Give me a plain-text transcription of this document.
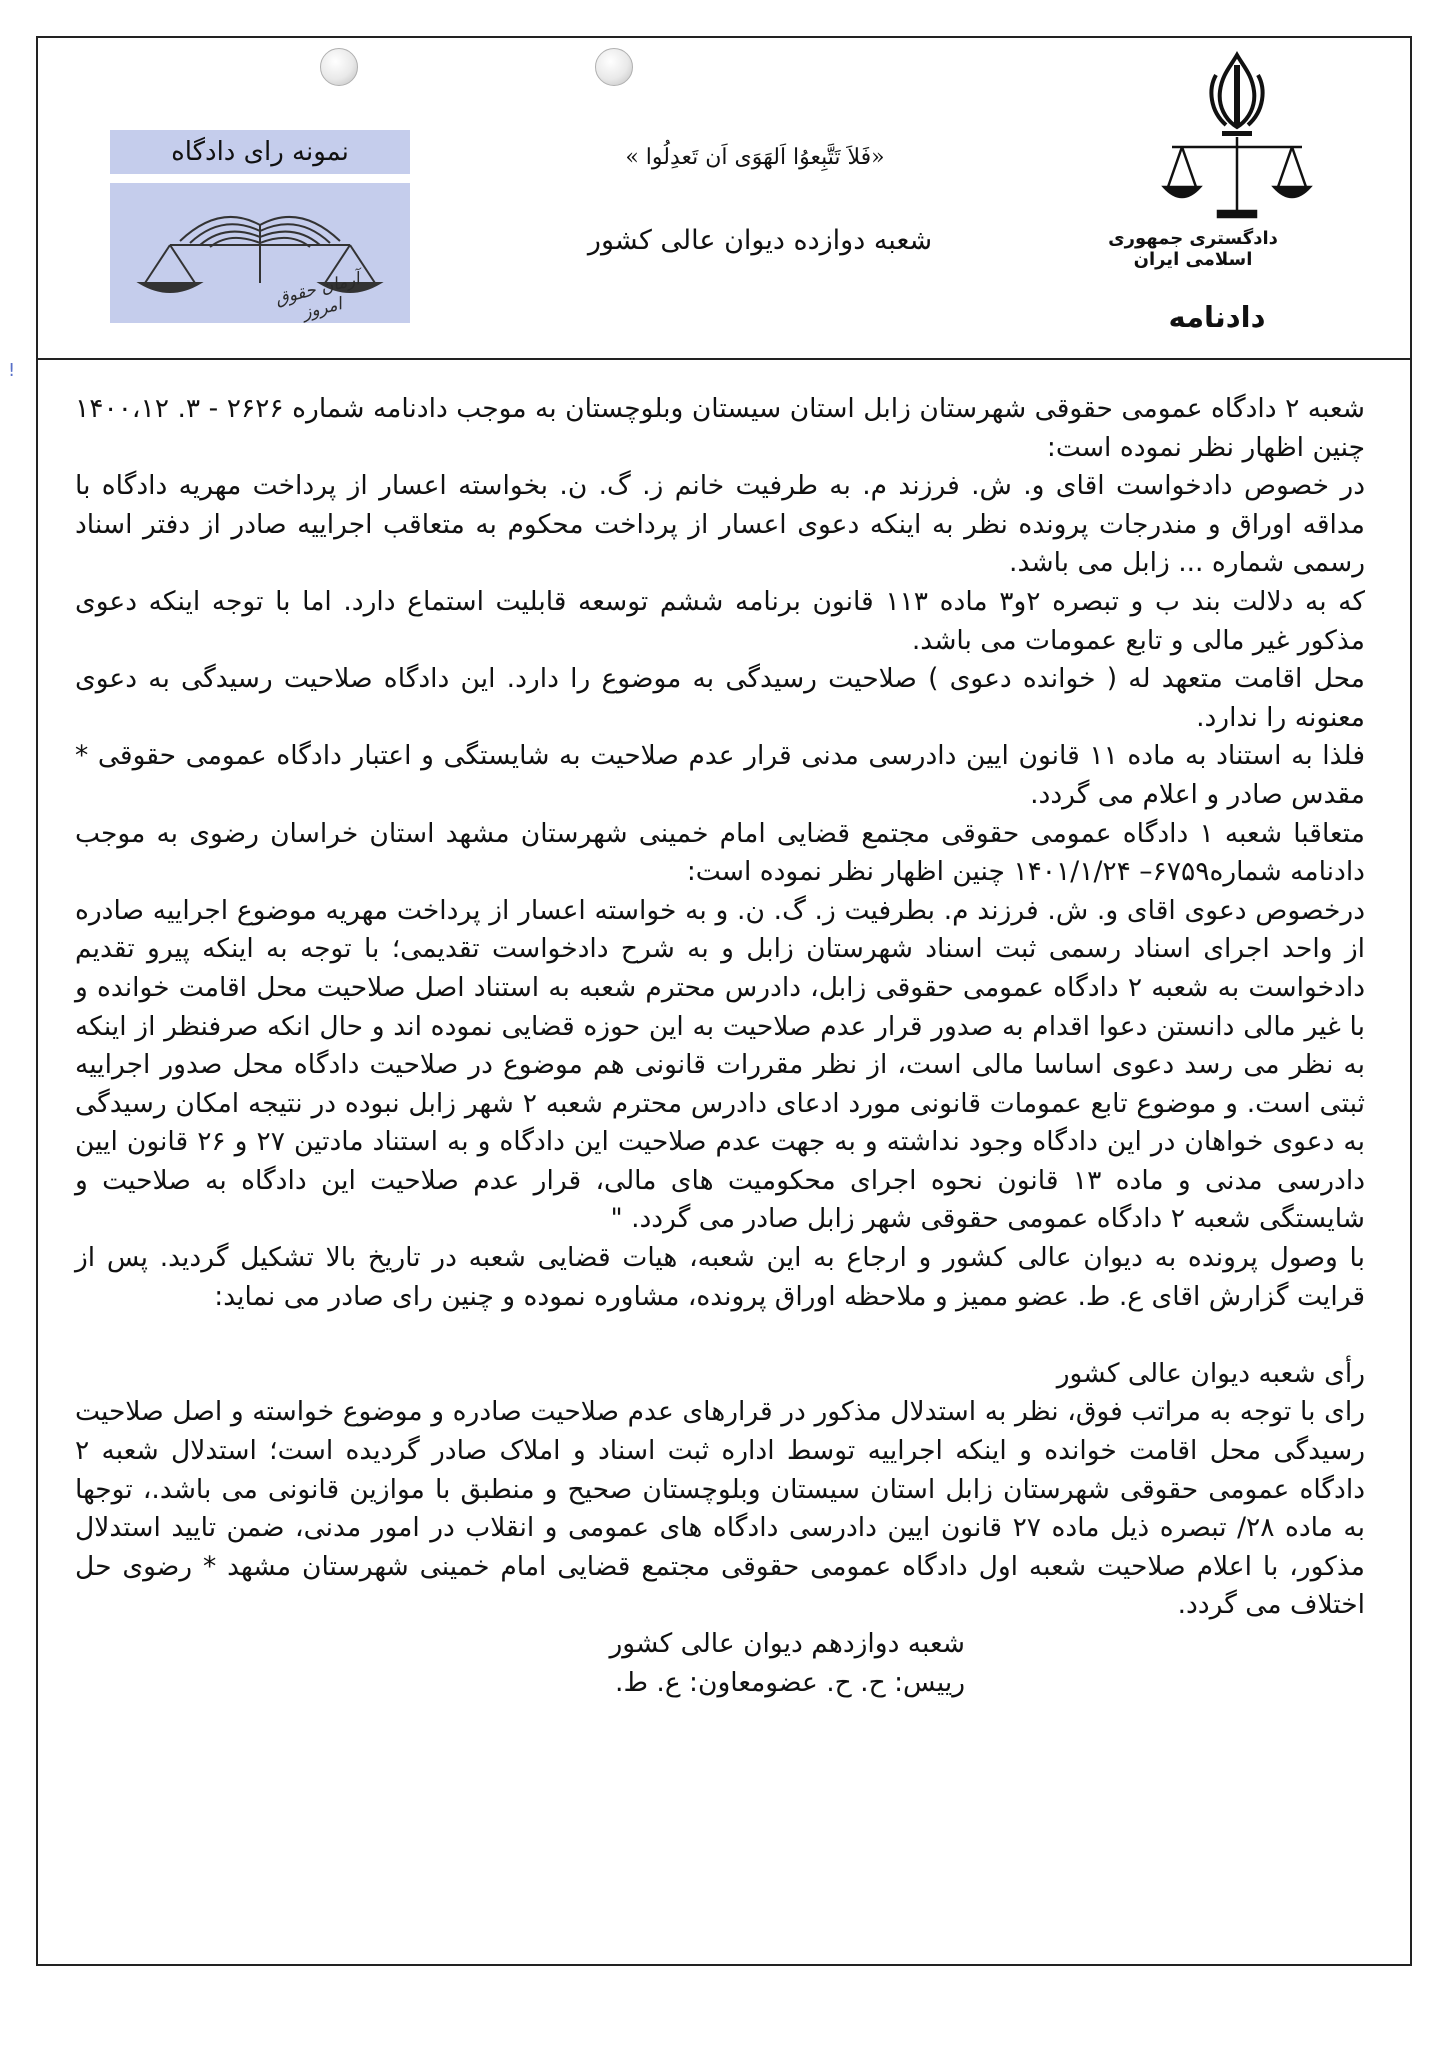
!
دادگستری جمهوری اسلامی ایران
دادنامه
«فَلاَ تَتَّبِعوُا اَلهَوَی اَن تَعدِلُوا »
شعبه دوازده دیوان عالی کشور
نمونه رای دادگاه
آرمان حقوق امروز

شعبه ۲ دادگاه عمومی حقوقی شهرستان زابل استان سیستان وبلوچستان به موجب دادنامه شماره ۲۶۲۶ - ۳. ۱۴۰۰،۱۲ چنین اظهار نظر نموده است:

در خصوص دادخواست اقای و. ش. فرزند م. به طرفیت خانم ز. گ. ن. بخواسته اعسار از پرداخت مهریه دادگاه با مداقه اوراق و مندرجات پرونده نظر به اینکه دعوی اعسار از پرداخت محکوم به متعاقب اجراییه صادر از دفتر اسناد رسمی شماره ... زابل می باشد.

که به دلالت بند ب و تبصره ۲و۳ ماده ۱۱۳ قانون برنامه ششم توسعه قابلیت استماع دارد. اما با توجه اینکه دعوی مذکور غیر مالی و تابع عمومات می باشد.

محل اقامت متعهد له ( خوانده دعوی ) صلاحیت رسیدگی به موضوع را دارد. این دادگاه صلاحیت رسیدگی به دعوی معنونه را ندارد.

فلذا به استناد به ماده ۱۱ قانون ایین دادرسی مدنی قرار عدم صلاحیت به شایستگی و اعتبار دادگاه عمومی حقوقی * مقدس صادر و اعلام می گردد.

متعاقبا شعبه ۱ دادگاه عمومی حقوقی مجتمع قضایی امام خمینی شهرستان مشهد استان خراسان رضوی به موجب دادنامه شماره۶۷۵۹– ۱۴۰۱/۱/۲۴ چنین اظهار نظر نموده است:

درخصوص دعوی اقای و. ش. فرزند م. بطرفیت ز. گ. ن. و به خواسته اعسار از پرداخت مهریه موضوع اجراییه صادره از واحد اجرای اسناد رسمی ثبت اسناد شهرستان زابل و به شرح دادخواست تقدیمی؛ با توجه به اینکه پیرو تقدیم دادخواست به شعبه ۲ دادگاه عمومی حقوقی زابل، دادرس محترم شعبه به استناد اصل صلاحیت محل اقامت خوانده و با غیر مالی دانستن دعوا اقدام به صدور قرار عدم صلاحیت به این حوزه قضایی نموده اند و حال انکه صرفنظر از اینکه به نظر می رسد دعوی اساسا مالی است، از نظر مقررات قانونی هم موضوع در صلاحیت دادگاه محل صدور اجراییه ثبتی است. و موضوع تابع عمومات قانونی مورد ادعای دادرس محترم شعبه ۲ شهر زابل نبوده در نتیجه امکان رسیدگی به دعوی خواهان در این دادگاه وجود نداشته و به جهت عدم صلاحیت این دادگاه و به استناد مادتین ۲۷ و ۲۶ قانون ایین دادرسی مدنی و ماده ۱۳ قانون نحوه اجرای محکومیت های مالی، قرار عدم صلاحیت این دادگاه به صلاحیت و شایستگی شعبه ۲ دادگاه عمومی حقوقی شهر زابل صادر می گردد. "

با وصول پرونده به دیوان عالی کشور و ارجاع به این شعبه، هیات قضایی شعبه در تاریخ بالا تشکیل گردید. پس از قرایت گزارش اقای ع. ط. عضو ممیز و ملاحظه اوراق پرونده، مشاوره نموده و چنین رای صادر می نماید:

رأی شعبه دیوان عالی کشور

رای با توجه به مراتب فوق، نظر به استدلال مذکور در قرارهای عدم صلاحیت صادره و موضوع خواسته و اصل صلاحیت رسیدگی محل اقامت خوانده و اینکه اجراییه توسط اداره ثبت اسناد و املاک صادر گردیده است؛ استدلال شعبه ۲ دادگاه عمومی حقوقی شهرستان زابل استان سیستان وبلوچستان صحیح و منطبق با موازین قانونی می باشد.، توجها به ماده ۲۸/ تبصره ذیل ماده ۲۷ قانون ایین دادرسی دادگاه های عمومی و انقلاب در امور مدنی، ضمن تایید استدلال مذکور، با اعلام صلاحیت شعبه اول دادگاه عمومی حقوقی مجتمع قضایی امام خمینی شهرستان مشهد * رضوی حل اختلاف می گردد.

شعبه دوازدهم دیوان عالی کشور

رییس: ح. ح. عضومعاون: ع. ط.
